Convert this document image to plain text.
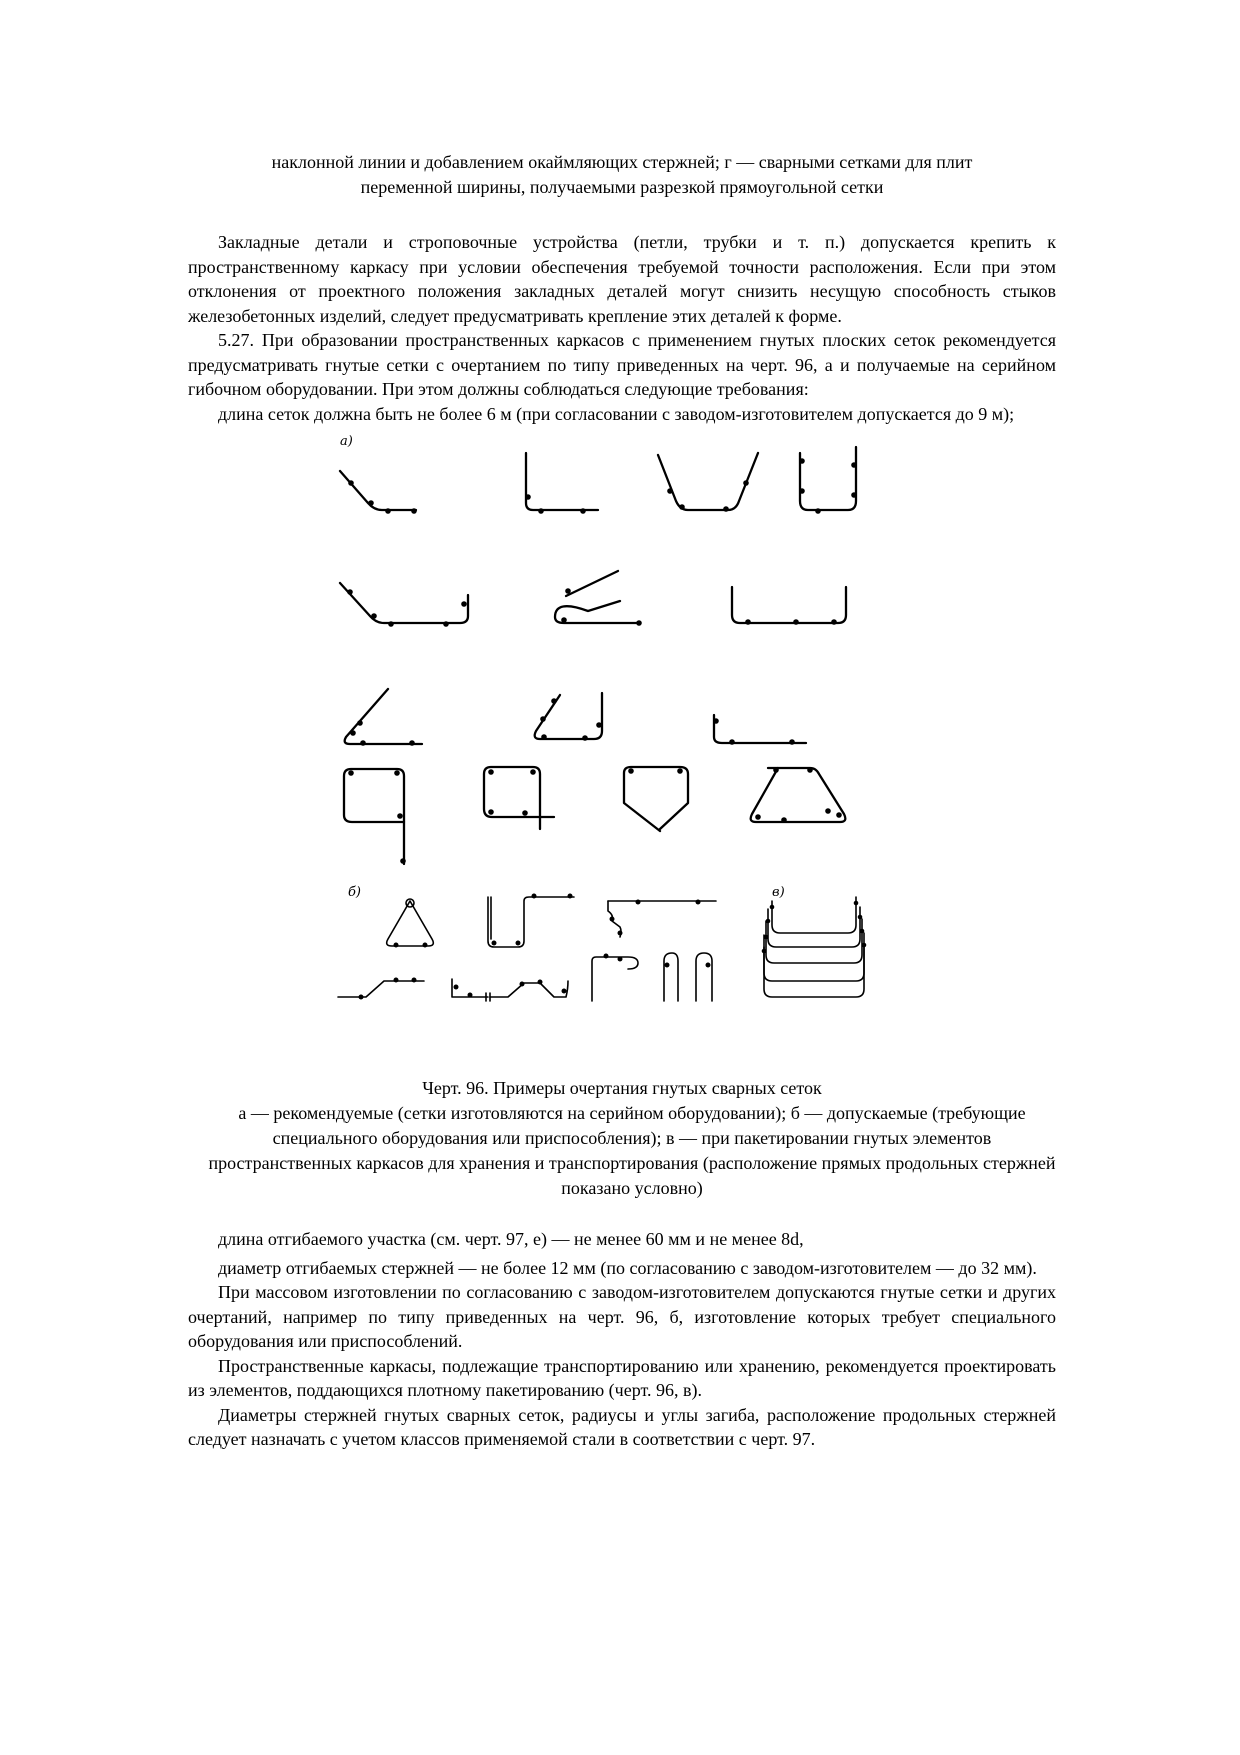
наклонной линии и добавлением окаймляющих стержней; г — сварными сетками для плит
переменной ширины, получаемыми разрезкой прямоугольной сетки

Закладные детали и строповочные устройства (петли, трубки и т. п.) допускается крепить к пространственному каркасу при условии обеспечения требуемой точности расположения. Если при этом отклонения от проектного положения закладных деталей могут снизить несущую способность стыков железобетонных изделий, следует предусматривать крепление этих деталей к форме.

5.27. При образовании пространственных каркасов с применением гнутых плоских сеток рекомендуется предусматривать гнутые сетки с очертанием по типу приведенных на черт. 96, а и получаемые на серийном гибочном оборудовании. При этом должны соблюдаться следующие требования:

длина сеток должна быть не более 6 м (при согласовании с заводом-изготовителем допускается до 9 м);

а)
б)	в)

Черт. 96. Примеры очертания гнутых сварных сеток

а — рекомендуемые (сетки изготовляются на серийном оборудовании); б — допускаемые (требующие специального оборудования или приспособления); в — при пакетировании гнутых элементов пространственных каркасов для хранения и транспортирования (расположение прямых продольных стержней показано условно)

длина отгибаемого участка (см. черт. 97, е) — не менее 60 мм и не менее 8d,

диаметр отгибаемых стержней — не более 12 мм (по согласованию с заводом-изготовителем — до 32 мм).

При массовом изготовлении по согласованию с заводом-изготовителем допускаются гнутые сетки и других очертаний, например по типу приведенных на черт. 96, б, изготовление которых требует специального оборудования или приспособлений.

Пространственные каркасы, подлежащие транспортированию или хранению, рекомендуется проектировать из элементов, поддающихся плотному пакетированию (черт. 96, в).

Диаметры стержней гнутых сварных сеток, радиусы и углы загиба, расположение продольных стержней следует назначать с учетом классов применяемой стали в соответствии с черт. 97.
